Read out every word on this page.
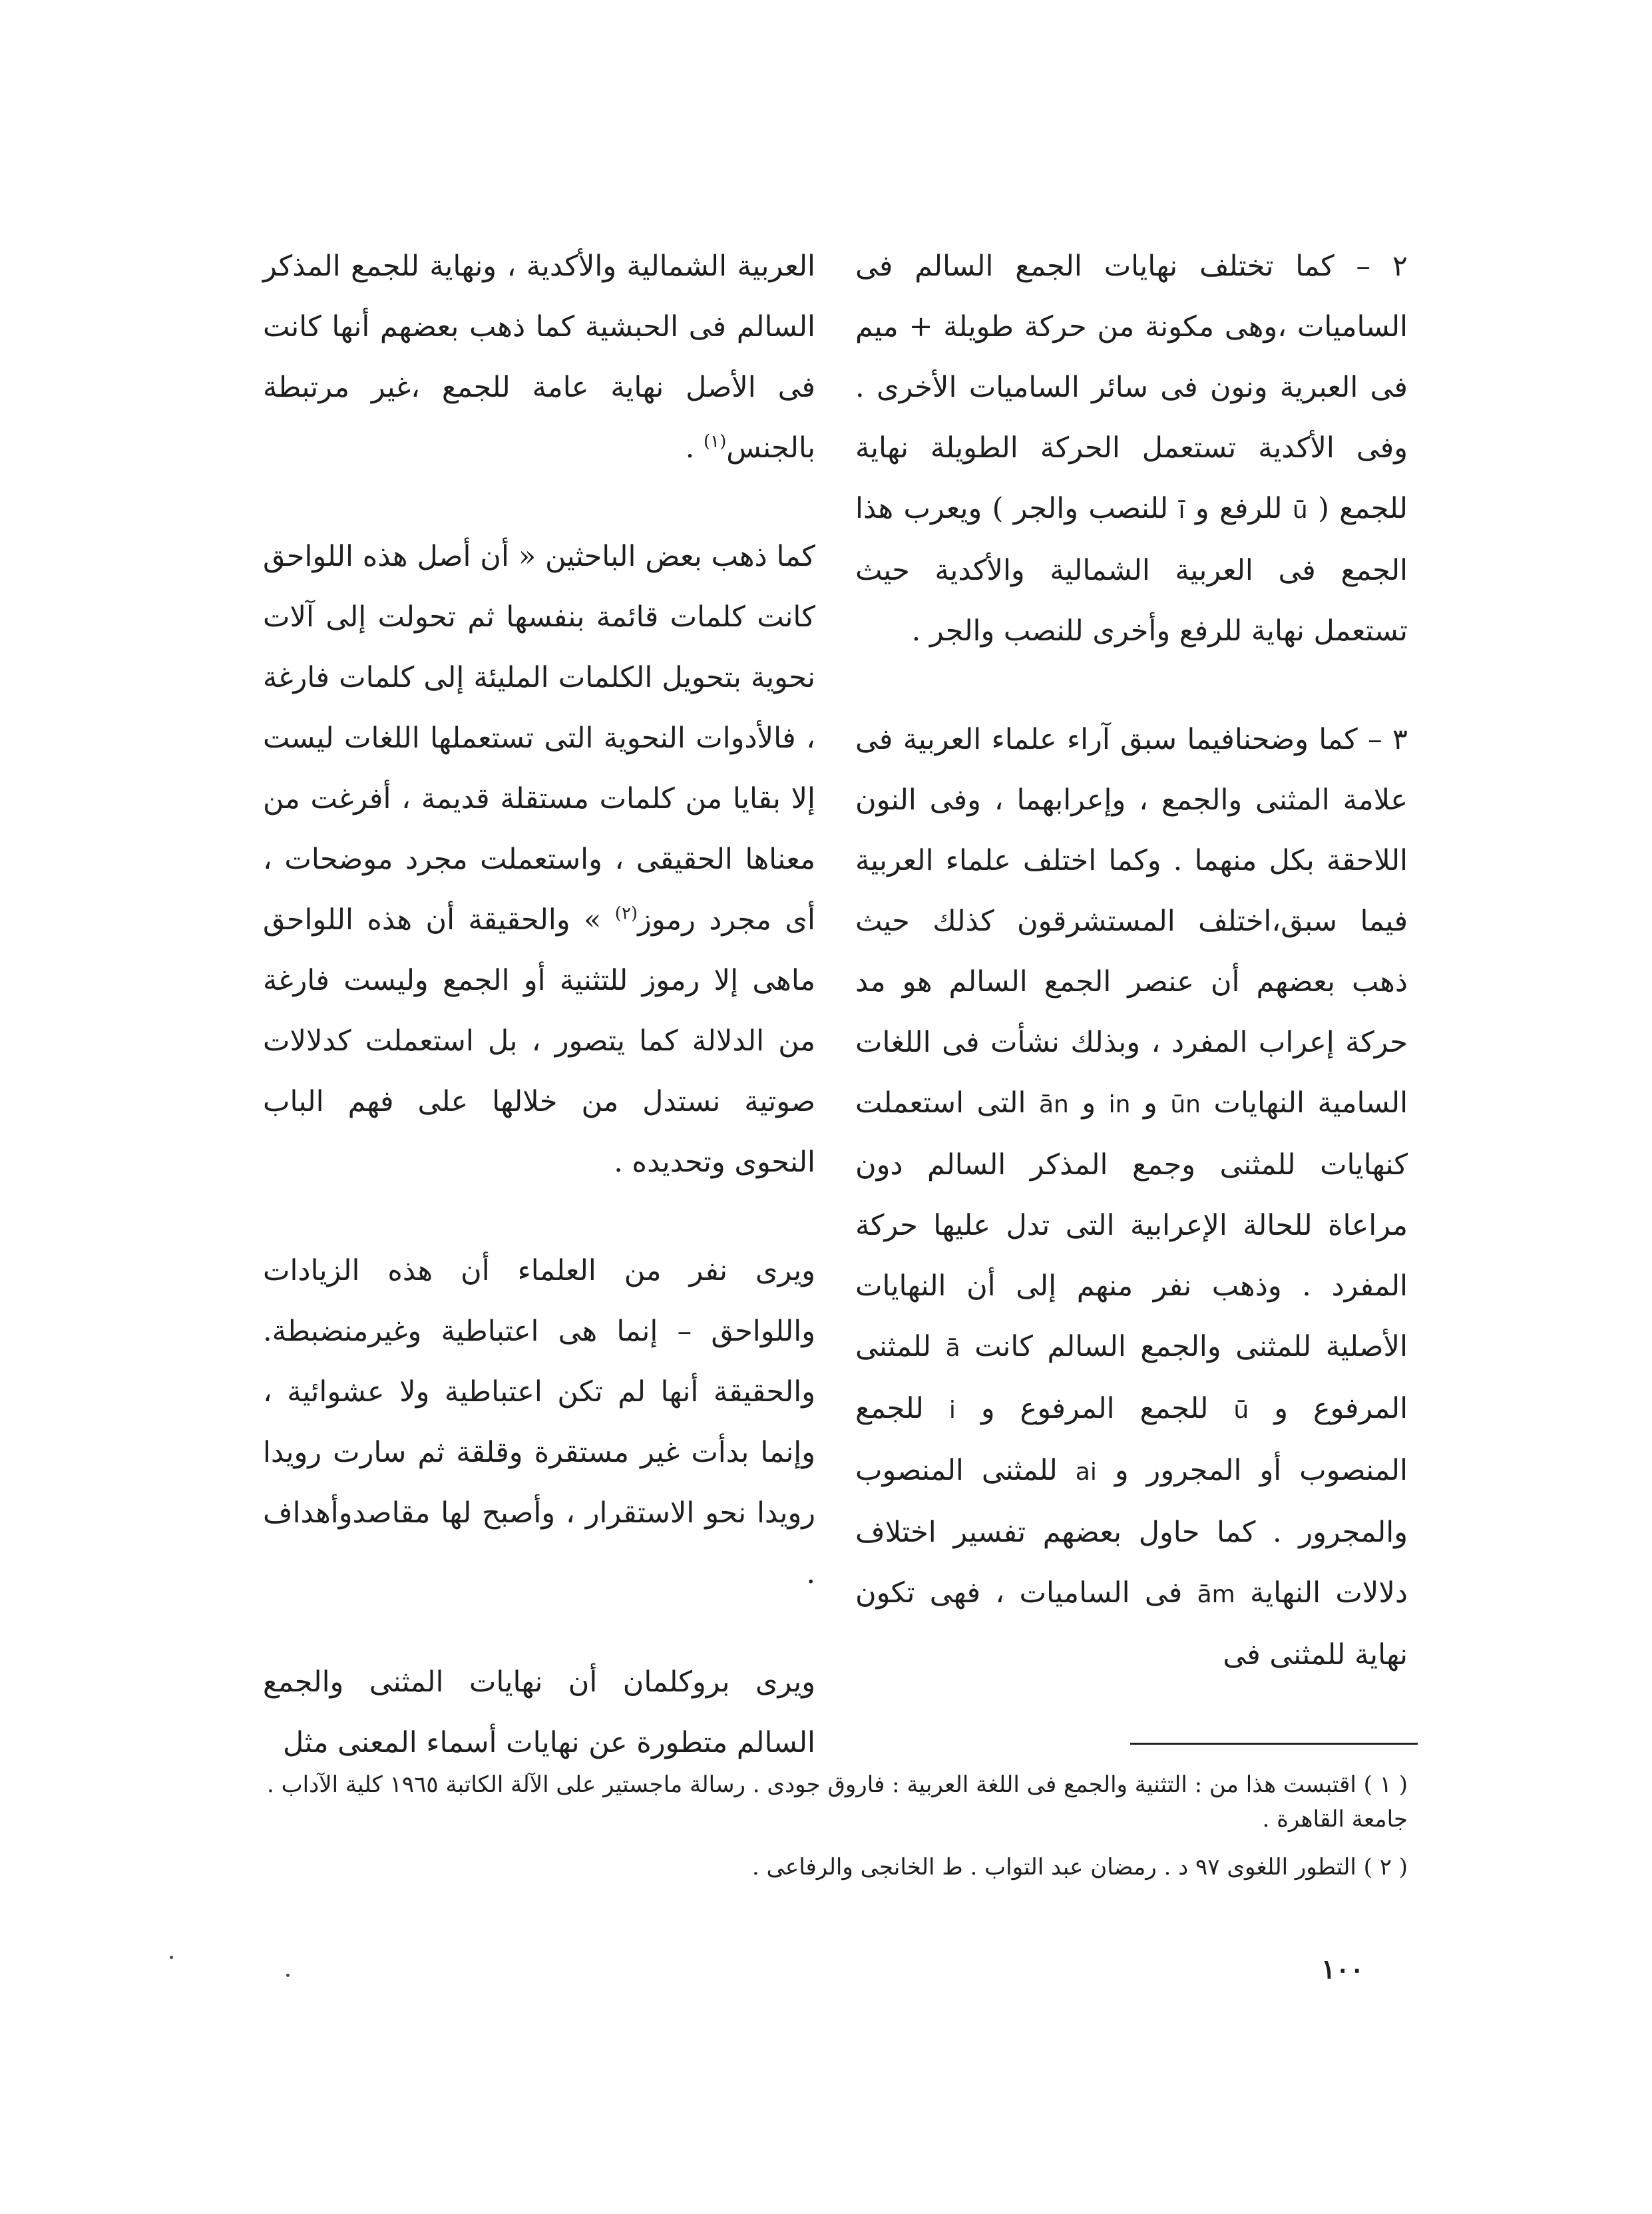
٢ – كما تختلف نهايات الجمع السالم فى الساميات ،وهى مكونة من حركة طويلة + ميم فى العبرية ونون فى سائر الساميات الأخرى . وفى الأكدية تستعمل الحركة الطويلة نهاية للجمع ( ū للرفع و ī للنصب والجر ) ويعرب هذا الجمع فى العربية الشمالية والأكدية حيث تستعمل نهاية للرفع وأخرى للنصب والجر .

٣ – كما وضحنافيما سبق آراء علماء العربية فى علامة المثنى والجمع ، وإعرابهما ، وفى النون اللاحقة بكل منهما . وكما اختلف علماء العربية فيما سبق،اختلف المستشرقون كذلك حيث ذهب بعضهم أن عنصر الجمع السالم هو مد حركة إعراب المفرد ، وبذلك نشأت فى اللغات السامية النهايات ūn و in و ān التى استعملت كنهايات للمثنى وجمع المذكر السالم دون مراعاة للحالة الإعرابية التى تدل عليها حركة المفرد . وذهب نفر منهم إلى أن النهايات الأصلية للمثنى والجمع السالم كانت ā للمثنى المرفوع و ū للجمع المرفوع و i للجمع المنصوب أو المجرور و ai للمثنى المنصوب والمجرور . كما حاول بعضهم تفسير اختلاف دلالات النهاية ām فى الساميات ، فهى تكون نهاية للمثنى فى

العربية الشمالية والأكدية ، ونهاية للجمع المذكر السالم فى الحبشية كما ذهب بعضهم أنها كانت فى الأصل نهاية عامة للجمع ،غير مرتبطة بالجنس$^{(١)}$ .

كما ذهب بعض الباحثين « أن أصل هذه اللواحق كانت كلمات قائمة بنفسها ثم تحولت إلى آلات نحوية بتحويل الكلمات المليئة إلى كلمات فارغة ، فالأدوات النحوية التى تستعملها اللغات ليست إلا بقايا من كلمات مستقلة قديمة ، أفرغت من معناها الحقيقى ، واستعملت مجرد موضحات ، أى مجرد رموز$^{(٢)}$ » والحقيقة أن هذه اللواحق ماهى إلا رموز للتثنية أو الجمع وليست فارغة من الدلالة كما يتصور ، بل استعملت كدلالات صوتية نستدل من خلالها على فهم الباب النحوى وتحديده .

ويرى نفر من العلماء أن هذه الزيادات واللواحق – إنما هى اعتباطية وغيرمنضبطة. والحقيقة أنها لم تكن اعتباطية ولا عشوائية ، وإنما بدأت غير مستقرة وقلقة ثم سارت رويدا رويدا نحو الاستقرار ، وأصبح لها مقاصدوأهداف .

ويرى بروكلمان أن نهايات المثنى والجمع السالم متطورة عن نهايات أسماء المعنى مثل

( ١ ) اقتبست هذا من : التثنية والجمع فى اللغة العربية : فاروق جودى . رسالة ماجستير على الآلة الكاتبة ١٩٦٥ كلية الآداب . جامعة القاهرة .
( ٢ ) التطور اللغوى ٩٧ د . رمضان عبد التواب . ط الخانجى والرفاعى .
١٠٠
